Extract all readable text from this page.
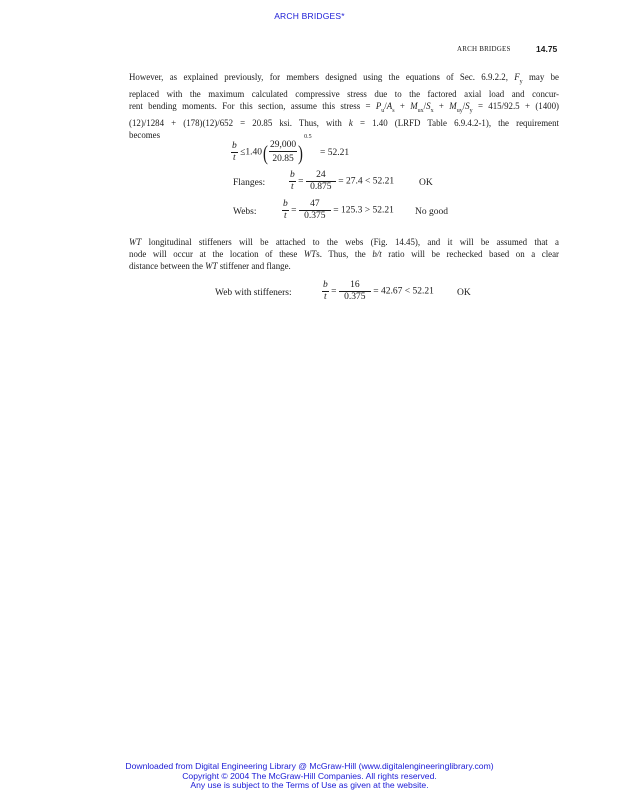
ARCH BRIDGES*
ARCH BRIDGES	14.75
However, as explained previously, for members designed using the equations of Sec. 6.9.2.2, $F_y$ may be
replaced with the maximum calculated compressive stress due to the factored axial load and concur-
rent bending moments. For this section, assume this stress = $P_u/A_s + M_{ux}/S_x + M_{uy}/S_y = 415/92.5 + (1400)$
(12)/1284 + (178)(12)/652 = 20.85 ksi. Thus, with k = 1.40 (LRFD Table 6.9.4.2-1), the requirement
becomes
$\frac{b}{t} \le 1.40( \frac{29,000}{20.85} )^{0.5} = 52.21$
Flanges:	$\frac{b}{t} = \frac{24}{0.875} = 27.4 < 52.21$	OK
Webs:	$\frac{b}{t} = \frac{47}{0.375} = 125.3 > 52.21$ No good
WT longitudinal stiffeners will be attached to the webs (Fig. 14.45), and it will be assumed that a
node will occur at the location of these WTs. Thus, the b/t ratio will be rechecked based on a clear
distance between the WT stiffener and flange.
Web with stiffeners:	$\frac{b}{t} = \frac{16}{0.375} = 42.67 < 52.21$ OK
Downloaded from Digital Engineering Library @ McGraw-Hill (www.digitalengineeringlibrary.com)
Copyright © 2004 The McGraw-Hill Companies. All rights reserved.
Any use is subject to the Terms of Use as given at the website.
